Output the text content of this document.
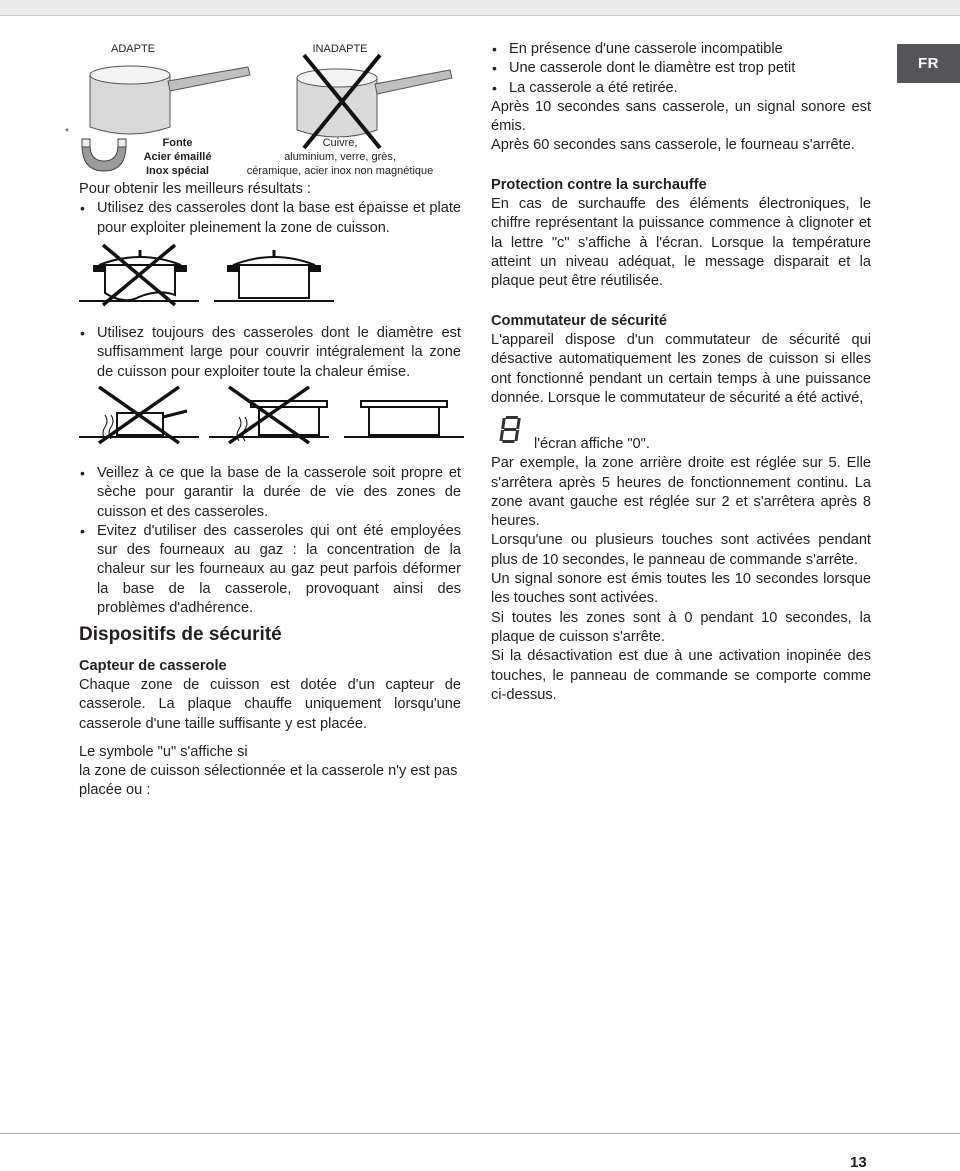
FR
ADAPTE	INADAPTE
*
Fonte
Acier émaillé
Inox spécial
Cuivre,
aluminium, verre, grès,
céramique, acier inox non magnétique

Pour obtenir les meilleurs résultats :

• Utilisez des casseroles dont la base est épaisse et plate pour exploiter pleinement la zone de cuisson.

• Utilisez toujours des casseroles dont le diamètre est suffisamment large pour couvrir intégralement la zone de cuisson pour exploiter toute la chaleur émise.

• Veillez à ce que la base de la casserole soit propre et sèche pour garantir la durée de vie des zones de cuisson et des casseroles.

• Evitez d'utiliser des casseroles qui ont été employées sur des fourneaux au gaz : la concentration de la chaleur sur les fourneaux au gaz peut parfois déformer la base de la casserole, provoquant ainsi des problèmes d'adhérence.

Dispositifs de sécurité

Capteur de casserole

Chaque zone de cuisson est dotée d'un capteur de casserole. La plaque chauffe uniquement lorsqu'une casserole d'une taille suffisante y est placée.

Le symbole "u" s'affiche si

la zone de cuisson sélectionnée et la casserole n'y est pas placée ou :

• En présence d'une casserole incompatible

• Une casserole dont le diamètre est trop petit

• La casserole a été retirée.

Après 10 secondes sans casserole, un signal sonore est émis.

Après 60 secondes sans casserole, le fourneau s'arrête.

Protection contre la surchauffe

En cas de surchauffe des éléments électroniques, le chiffre représentant la puissance commence à clignoter et la lettre "c" s'affiche à l'écran. Lorsque la température atteint un niveau adéquat, le message disparait et la plaque peut être réutilisée.

Commutateur de sécurité

L'appareil dispose d'un commutateur de sécurité qui désactive automatiquement les zones de cuisson si elles ont fonctionné pendant un certain temps à une puissance donnée. Lorsque le commutateur de sécurité a été activé,

l'écran affiche "0".

Par exemple, la zone arrière droite est réglée sur 5. Elle s'arrêtera après 5 heures de fonctionnement continu. La zone avant gauche est réglée sur 2 et s'arrêtera après 8 heures.

Lorsqu'une ou plusieurs touches sont activées pendant plus de 10 secondes, le panneau de commande s'arrête.

Un signal sonore est émis toutes les 10 secondes lorsque les touches sont activées.

Si toutes les zones sont à 0 pendant 10 secondes, la plaque de cuisson s'arrête.

Si la désactivation est due à une activation inopinée des touches, le panneau de commande se comporte comme ci-dessus.

13
